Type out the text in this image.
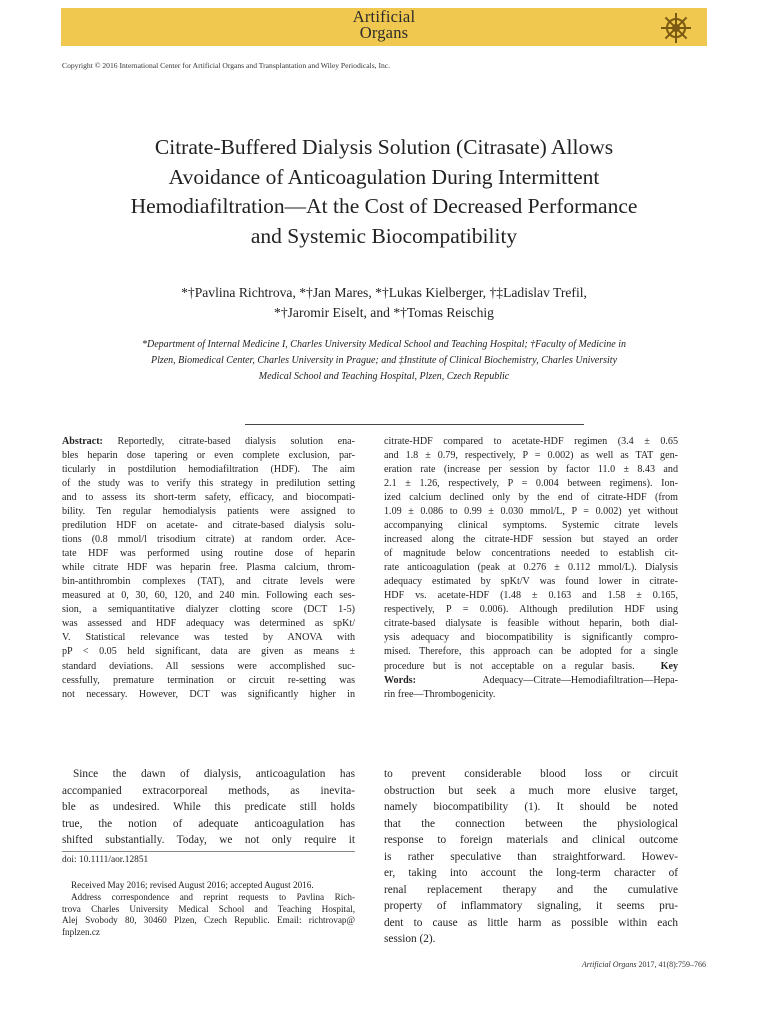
Artificial
Organs
Copyright © 2016 International Center for Artificial Organs and Transplantation and Wiley Periodicals, Inc.
Citrate-Buffered Dialysis Solution (Citrasate) Allows
Avoidance of Anticoagulation During Intermittent
Hemodiafiltration—At the Cost of Decreased Performance
and Systemic Biocompatibility
*†Pavlina Richtrova, *†Jan Mares, *†Lukas Kielberger, †‡Ladislav Trefil,
*†Jaromir Eiselt, and *†Tomas Reischig
*Department of Internal Medicine I, Charles University Medical School and Teaching Hospital; †Faculty of Medicine in
Plzen, Biomedical Center, Charles University in Prague; and ‡Institute of Clinical Biochemistry, Charles University
Medical School and Teaching Hospital, Plzen, Czech Republic
Abstract: Reportedly, citrate-based dialysis solution ena-
bles heparin dose tapering or even complete exclusion, par-
ticularly in postdilution hemodiafiltration (HDF). The aim
of the study was to verify this strategy in predilution setting
and to assess its short-term safety, efficacy, and biocompati-
bility. Ten regular hemodialysis patients were assigned to
predilution HDF on acetate- and citrate-based dialysis solu-
tions (0.8 mmol/l trisodium citrate) at random order. Ace-
tate HDF was performed using routine dose of heparin
while citrate HDF was heparin free. Plasma calcium, throm-
bin-antithrombin complexes (TAT), and citrate levels were
measured at 0, 30, 60, 120, and 240 min. Following each ses-
sion, a semiquantitative dialyzer clotting score (DCT 1-5)
was assessed and HDF adequacy was determined as spKt/
V. Statistical relevance was tested by ANOVA with
pP < 0.05 held significant, data are given as means ±
standard deviations. All sessions were accomplished suc-
cessfully, premature termination or circuit re-setting was
not necessary. However, DCT was significantly higher in
citrate-HDF compared to acetate-HDF regimen (3.4 ± 0.65
and 1.8 ± 0.79, respectively, P = 0.002) as well as TAT gen-
eration rate (increase per session by factor 11.0 ± 8.43 and
2.1 ± 1.26, respectively, P = 0.004 between regimens). Ion-
ized calcium declined only by the end of citrate-HDF (from
1.09 ± 0.086 to 0.99 ± 0.030 mmol/L, P = 0.002) yet without
accompanying clinical symptoms. Systemic citrate levels
increased along the citrate-HDF session but stayed an order
of magnitude below concentrations needed to establish cit-
rate anticoagulation (peak at 0.276 ± 0.112 mmol/L). Dialysis
adequacy estimated by spKt/V was found lower in citrate-
HDF vs. acetate-HDF (1.48 ± 0.163 and 1.58 ± 0.165,
respectively, P = 0.006). Although predilution HDF using
citrate-based dialysate is feasible without heparin, both dial-
ysis adequacy and biocompatibility is significantly compro-
mised. Therefore, this approach can be adopted for a single
procedure but is not acceptable on a regular basis.	Key
Words:	Adequacy—Citrate—Hemodiafiltration—Hepa-
rin free—Thrombogenicity.
Since the dawn of dialysis, anticoagulation has
accompanied extracorporeal methods, as inevita-
ble as undesired. While this predicate still holds
true, the notion of adequate anticoagulation has
shifted substantially. Today, we not only require it
to prevent considerable blood loss or circuit
obstruction but seek a much more elusive target,
namely biocompatibility (1). It should be noted
that the connection between the physiological
response to foreign materials and clinical outcome
is rather speculative than straightforward. Howev-
er, taking into account the long-term character of
renal replacement therapy and the cumulative
property of inflammatory signaling, it seems pru-
dent to cause as little harm as possible within each
session (2).
doi: 10.1111/aor.12851
Received May 2016; revised August 2016; accepted August 2016.
Address correspondence and reprint requests to Pavlina Rich-
trova Charles University Medical School and Teaching Hospital,
Alej Svobody 80, 30460 Plzen, Czech Republic. Email: richtrovap@
fnplzen.cz
Artificial Organs 2017, 41(8):759–766
